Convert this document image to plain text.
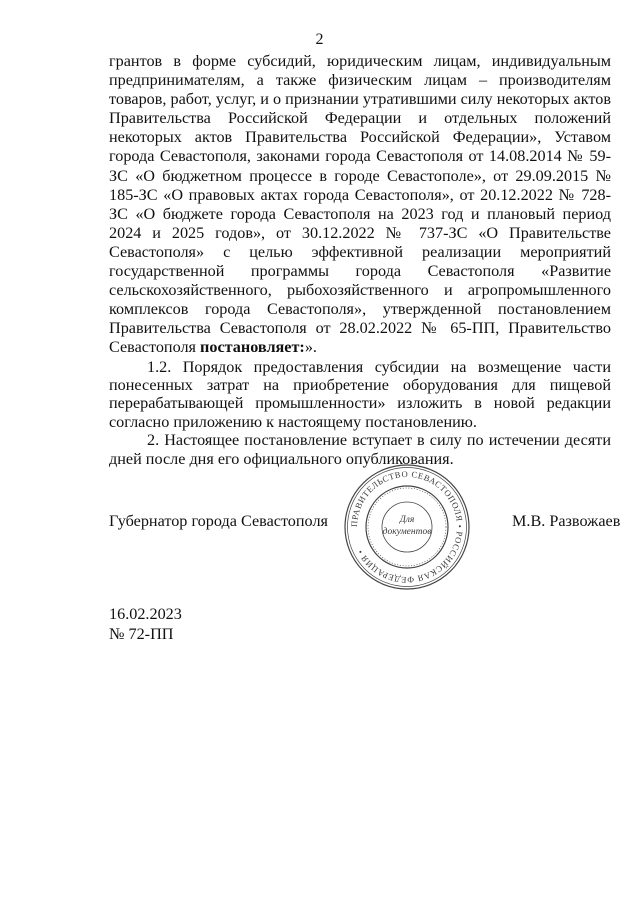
2

грантов в форме субсидий, юридическим лицам, индивидуальным предпринимателям, а также физическим лицам – производителям товаров, работ, услуг, и о признании утратившими силу некоторых актов Правительства Российской Федерации и отдельных положений некоторых актов Правительства Российской Федерации», Уставом города Севастополя, законами города Севастополя от 14.08.2014 № 59-ЗС «О бюджетном процессе в городе Севастополе», от 29.09.2015 № 185-ЗС «О правовых актах города Севастополя», от 20.12.2022 № 728-ЗС «О бюджете города Севастополя на 2023 год и плановый период 2024 и 2025 годов», от 30.12.2022 № 737-ЗС «О Правительстве Севастополя» с целью эффективной реализации мероприятий государственной программы города Севастополя «Развитие сельскохозяйственного, рыбохозяйственного и агропромышленного комплексов города Севастополя», утвержденной постановлением Правительства Севастополя от 28.02.2022 № 65-ПП, Правительство Севастополя постановляет:».

1.2. Порядок предоставления субсидии на возмещение части понесенных затрат на приобретение оборудования для пищевой перерабатывающей промышленности» изложить в новой редакции согласно приложению к настоящему постановлению.

2. Настоящее постановление вступает в силу по истечении десяти дней после дня его официального опубликования.

Губернатор города Севастополя ПРАВИТЕЛЬСТВО СЕВАСТОПОЛЯ • РОССИЙСКАЯ ФЕДЕРАЦИЯ •
Для
документов
М.В. Развожаев
16.02.2023
№ 72-ПП
